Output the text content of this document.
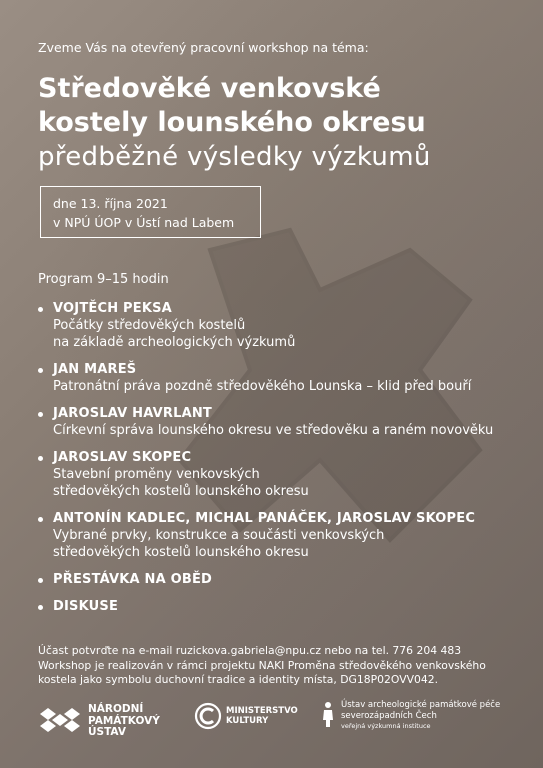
Zveme Vás na otevřený pracovní workshop na téma:
Středověké venkovské
kostely lounského okresu
předběžné výsledky výzkumů
dne 13. října 2021
v NPÚ ÚOP v Ústí nad Labem
Program 9–15 hodin
VOJTĚCH PEKSA
Počátky středověkých kostelů
na základě archeologických výzkumů
JAN MAREŠ
Patronátní práva pozdně středověkého Lounska – klid před bouří
JAROSLAV HAVRLANT
Církevní správa lounského okresu ve středověku a raném novověku
JAROSLAV SKOPEC
Stavební proměny venkovských
středověkých kostelů lounského okresu
ANTONÍN KADLEC, MICHAL PANÁČEK, JAROSLAV SKOPEC
Vybrané prvky, konstrukce a součásti venkovských
středověkých kostelů lounského okresu
PŘESTÁVKA NA OBĚD
DISKUSE
Účast potvrďte na e-mail ruzickova.gabriela@npu.cz nebo na tel. 776 204 483
Workshop je realizován v rámci projektu NAKI Proměna středověkého venkovského
kostela jako symbolu duchovní tradice a identity místa, DG18P02OVV042.
NÁRODNÍ
PAMÁTKOVÝ
ÚSTAV
MINISTERSTVO
KULTURY
Ústav archeologické památkové péče
severozápadních Čech
veřejná výzkumná instituce
